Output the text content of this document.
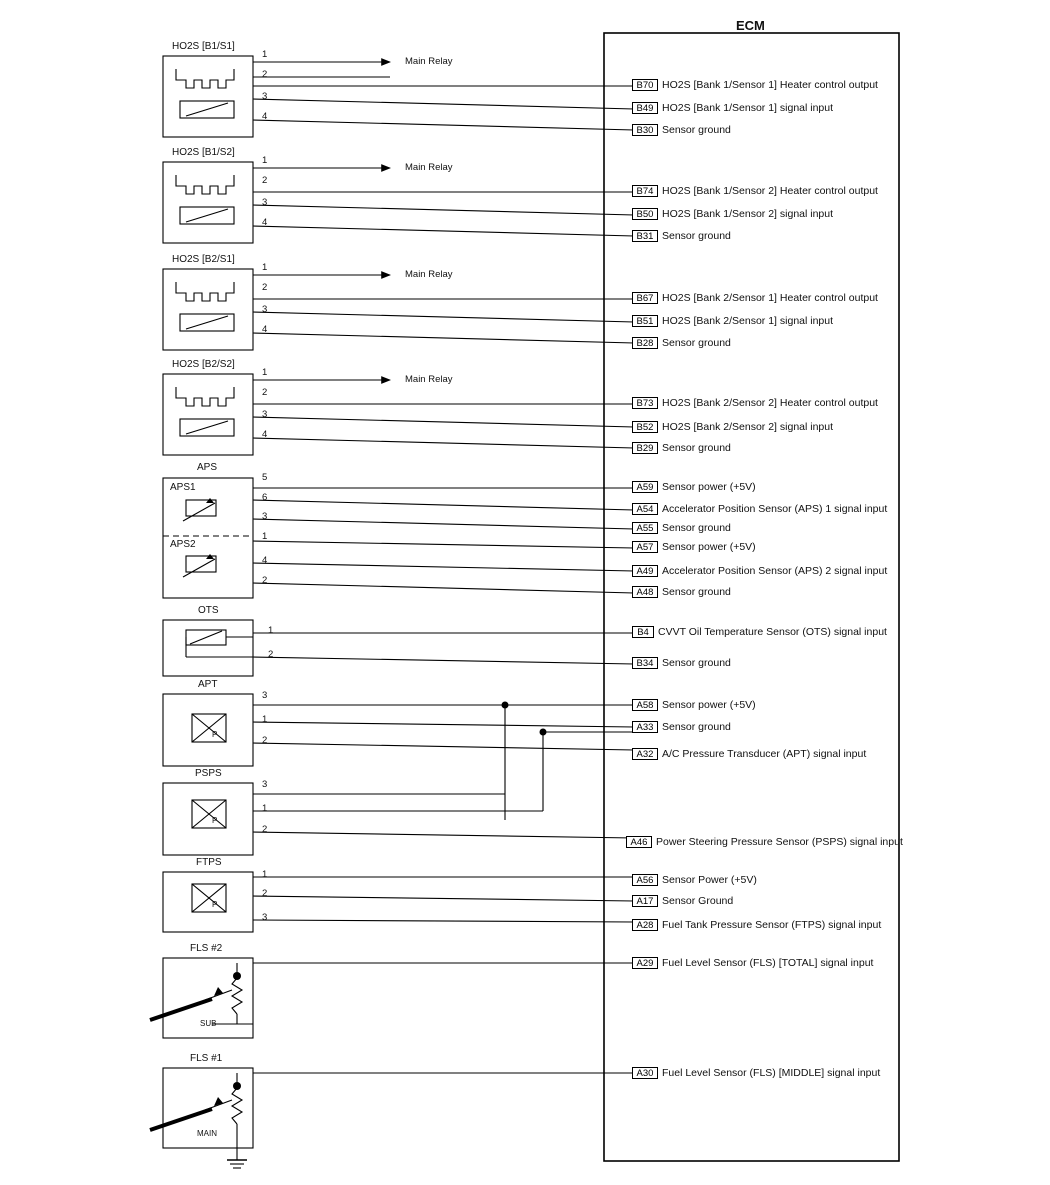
ECM
HO2S [B1/S1]
HO2S [B1/S2]
HO2S [B2/S1]
HO2S [B2/S2]
APS
APS1
APS2
OTS
APT
PSPS
FTPS
FLS #2
FLS #1
SUB
MAIN
P
P
P
Main Relay
Main Relay
Main Relay
Main Relay
1
2
3
4
1
2
3
4
1
2
3
4
1
2
3
4
5
6
3
1
4
2
1
2
3
1
2
3
1
2
1
2
3
B70 HO2S [Bank 1/Sensor 1] Heater control output
B49 HO2S [Bank 1/Sensor 1] signal input
B30 Sensor ground
B74 HO2S [Bank 1/Sensor 2] Heater control output
B50 HO2S [Bank 1/Sensor 2] signal input
B31 Sensor ground
B67 HO2S [Bank 2/Sensor 1] Heater control output
B51 HO2S [Bank 2/Sensor 1] signal input
B28 Sensor ground
B73 HO2S [Bank 2/Sensor 2] Heater control output
B52 HO2S [Bank 2/Sensor 2] signal input
B29 Sensor ground
A59 Sensor power (+5V)
A54 Accelerator Position Sensor (APS) 1 signal input
A55 Sensor ground
A57 Sensor power (+5V)
A49 Accelerator Position Sensor (APS) 2 signal input
A48 Sensor ground
B4 CVVT Oil Temperature Sensor (OTS) signal input
B34 Sensor ground
A58 Sensor power (+5V)
A33 Sensor ground
A32 A/C Pressure Transducer (APT) signal input
A46 Power Steering Pressure Sensor (PSPS) signal input
A56 Sensor Power (+5V)
A17 Sensor Ground
A28 Fuel Tank Pressure Sensor (FTPS) signal input
A29 Fuel Level Sensor (FLS) [TOTAL] signal input
A30 Fuel Level Sensor (FLS) [MIDDLE] signal input
